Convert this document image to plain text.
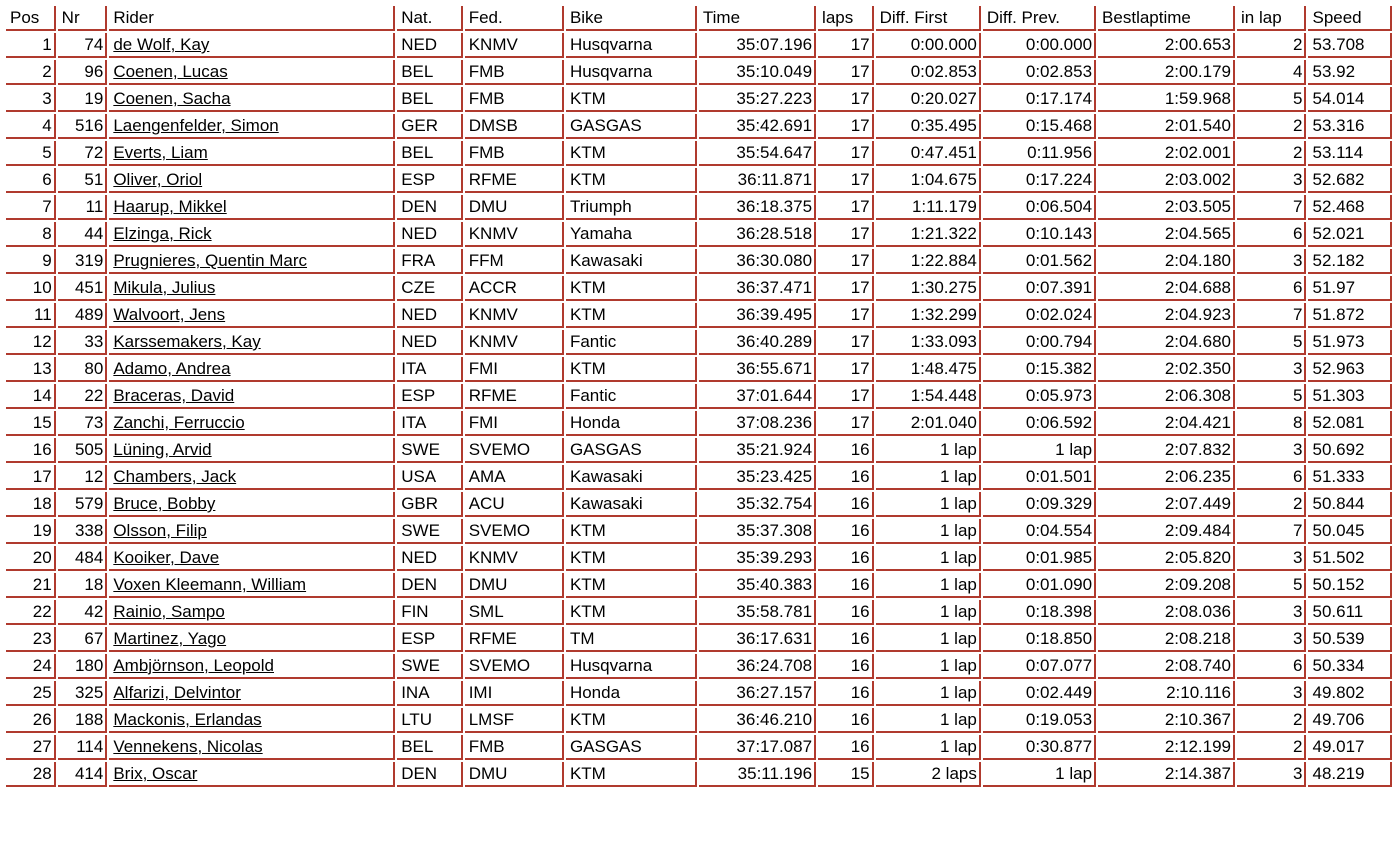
Pos	Nr	Rider	Nat.	Fed.	Bike	Time	laps	Diff. First	Diff. Prev.	Bestlaptime	in lap	Speed
1	74	de Wolf, Kay	NED	KNMV	Husqvarna	35:07.196	17	0:00.000	0:00.000	2:00.653	2	53.708
2	96	Coenen, Lucas	BEL	FMB	Husqvarna	35:10.049	17	0:02.853	0:02.853	2:00.179	4	53.92
3	19	Coenen, Sacha	BEL	FMB	KTM	35:27.223	17	0:20.027	0:17.174	1:59.968	5	54.014
4	516	Laengenfelder, Simon	GER	DMSB	GASGAS	35:42.691	17	0:35.495	0:15.468	2:01.540	2	53.316
5	72	Everts, Liam	BEL	FMB	KTM	35:54.647	17	0:47.451	0:11.956	2:02.001	2	53.114
6	51	Oliver, Oriol	ESP	RFME	KTM	36:11.871	17	1:04.675	0:17.224	2:03.002	3	52.682
7	11	Haarup, Mikkel	DEN	DMU	Triumph	36:18.375	17	1:11.179	0:06.504	2:03.505	7	52.468
8	44	Elzinga, Rick	NED	KNMV	Yamaha	36:28.518	17	1:21.322	0:10.143	2:04.565	6	52.021
9	319	Prugnieres, Quentin Marc	FRA	FFM	Kawasaki	36:30.080	17	1:22.884	0:01.562	2:04.180	3	52.182
10	451	Mikula, Julius	CZE	ACCR	KTM	36:37.471	17	1:30.275	0:07.391	2:04.688	6	51.97
11	489	Walvoort, Jens	NED	KNMV	KTM	36:39.495	17	1:32.299	0:02.024	2:04.923	7	51.872
12	33	Karssemakers, Kay	NED	KNMV	Fantic	36:40.289	17	1:33.093	0:00.794	2:04.680	5	51.973
13	80	Adamo, Andrea	ITA	FMI	KTM	36:55.671	17	1:48.475	0:15.382	2:02.350	3	52.963
14	22	Braceras, David	ESP	RFME	Fantic	37:01.644	17	1:54.448	0:05.973	2:06.308	5	51.303
15	73	Zanchi, Ferruccio	ITA	FMI	Honda	37:08.236	17	2:01.040	0:06.592	2:04.421	8	52.081
16	505	Lüning, Arvid	SWE	SVEMO	GASGAS	35:21.924	16	1 lap	1 lap	2:07.832	3	50.692
17	12	Chambers, Jack	USA	AMA	Kawasaki	35:23.425	16	1 lap	0:01.501	2:06.235	6	51.333
18	579	Bruce, Bobby	GBR	ACU	Kawasaki	35:32.754	16	1 lap	0:09.329	2:07.449	2	50.844
19	338	Olsson, Filip	SWE	SVEMO	KTM	35:37.308	16	1 lap	0:04.554	2:09.484	7	50.045
20	484	Kooiker, Dave	NED	KNMV	KTM	35:39.293	16	1 lap	0:01.985	2:05.820	3	51.502
21	18	Voxen Kleemann, William	DEN	DMU	KTM	35:40.383	16	1 lap	0:01.090	2:09.208	5	50.152
22	42	Rainio, Sampo	FIN	SML	KTM	35:58.781	16	1 lap	0:18.398	2:08.036	3	50.611
23	67	Martinez, Yago	ESP	RFME	TM	36:17.631	16	1 lap	0:18.850	2:08.218	3	50.539
24	180	Ambjörnson, Leopold	SWE	SVEMO	Husqvarna	36:24.708	16	1 lap	0:07.077	2:08.740	6	50.334
25	325	Alfarizi, Delvintor	INA	IMI	Honda	36:27.157	16	1 lap	0:02.449	2:10.116	3	49.802
26	188	Mackonis, Erlandas	LTU	LMSF	KTM	36:46.210	16	1 lap	0:19.053	2:10.367	2	49.706
27	114	Vennekens, Nicolas	BEL	FMB	GASGAS	37:17.087	16	1 lap	0:30.877	2:12.199	2	49.017
28	414	Brix, Oscar	DEN	DMU	KTM	35:11.196	15	2 laps	1 lap	2:14.387	3	48.219
